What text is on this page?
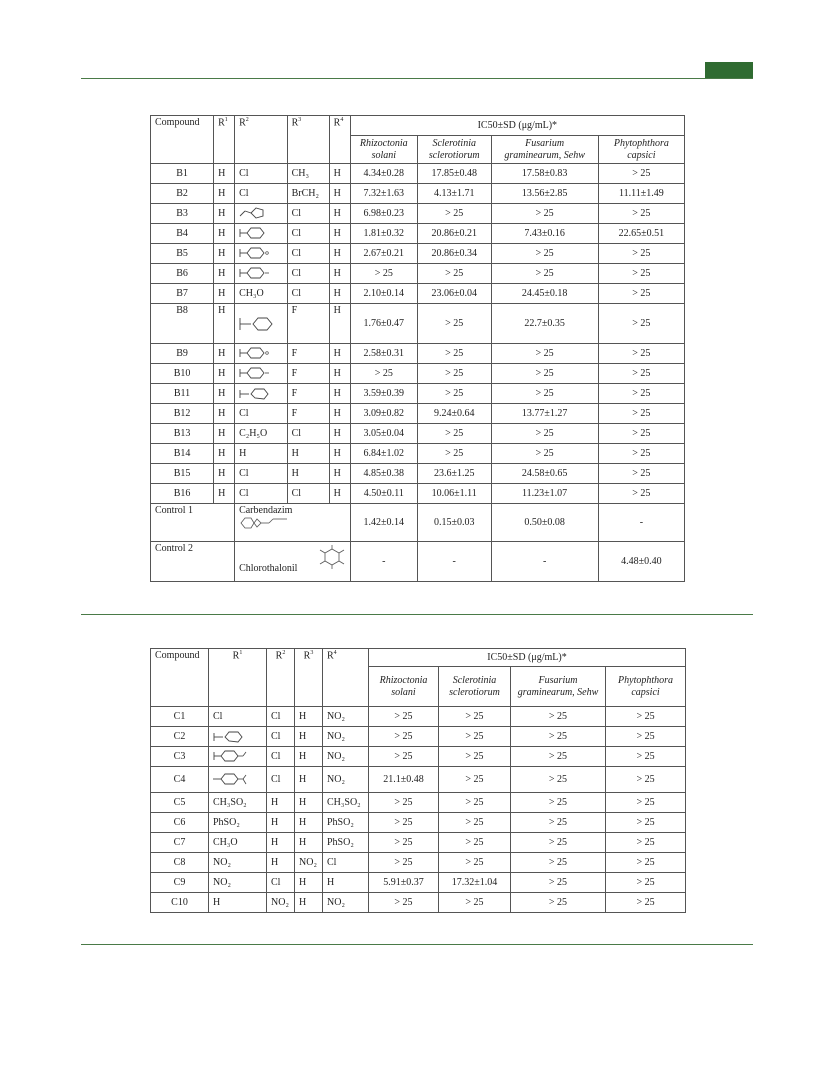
Compound	$R^1$	$R^2$	$R^3$	$R^4$	IC50±SD (μg/mL)*			
					Rhizoctonia solani	Sclerotinia sclerotiorum	Fusarium graminearum, Sehw	Phytophthora capsici
B1	H	Cl	CH₃	H	4.34±0.28	17.85±0.48	17.58±0.83	> 25
B2	H	Cl	BrCH₂	H	7.32±1.63	4.13±1.71	13.56±2.85	11.11±1.49
B3	H		Cl	H	6.98±0.23	> 25	> 25	> 25
B4	H		Cl	H	1.81±0.32	20.86±0.21	7.43±0.16	22.65±0.51
B5	H		Cl	H	2.67±0.21	20.86±0.34	> 25	> 25
B6	H		Cl	H	> 25	> 25	> 25	> 25
B7	H	CH₃O	Cl	H	2.10±0.14	23.06±0.04	24.45±0.18	> 25
B8	H		F	H	1.76±0.47	> 25	22.7±0.35	> 25
B9	H		F	H	2.58±0.31	> 25	> 25	> 25
B10	H		F	H	> 25	> 25	> 25	> 25
B11	H		F	H	3.59±0.39	> 25	> 25	> 25
B12	H	Cl	F	H	3.09±0.82	9.24±0.64	13.77±1.27	> 25
B13	H	C₂H₅O	Cl	H	3.05±0.04	> 25	> 25	> 25
B14	H	H	H	H	6.84±1.02	> 25	> 25	> 25
B15	H	Cl	H	H	4.85±0.38	23.6±1.25	24.58±0.65	> 25
B16	H	Cl	Cl	H	4.50±0.11	10.06±1.11	11.23±1.07	> 25
Control 1		Carbendazim			1.42±0.14	0.15±0.03	0.50±0.08	-
Control 2		Chlorothalonil			-	-	-	4.48±0.40
Compound	$R^1$	$R^2$	$R^3$	$R^4$	IC50±SD (μg/mL)*			
					Rhizoctonia solani	Sclerotinia sclerotiorum	Fusarium graminearum, Sehw	Phytophthora capsici
C1	Cl	Cl	H	NO₂	> 25	> 25	> 25	> 25
C2		Cl	H	NO₂	> 25	> 25	> 25	> 25
C3		Cl	H	NO₂	> 25	> 25	> 25	> 25
C4		Cl	H	NO₂	21.1±0.48	> 25	> 25	> 25
C5	CH₃SO₂	H	H	CH₃SO₂	> 25	> 25	> 25	> 25
C6	PhSO₂	H	H	PhSO₂	> 25	> 25	> 25	> 25
C7	CH₃O	H	H	PhSO₂	> 25	> 25	> 25	> 25
C8	NO₂	H	NO₂	Cl	> 25	> 25	> 25	> 25
C9	NO₂	Cl	H	H	5.91±0.37	17.32±1.04	> 25	> 25
C10	H	NO₂	H	NO₂	> 25	> 25	> 25	> 25
